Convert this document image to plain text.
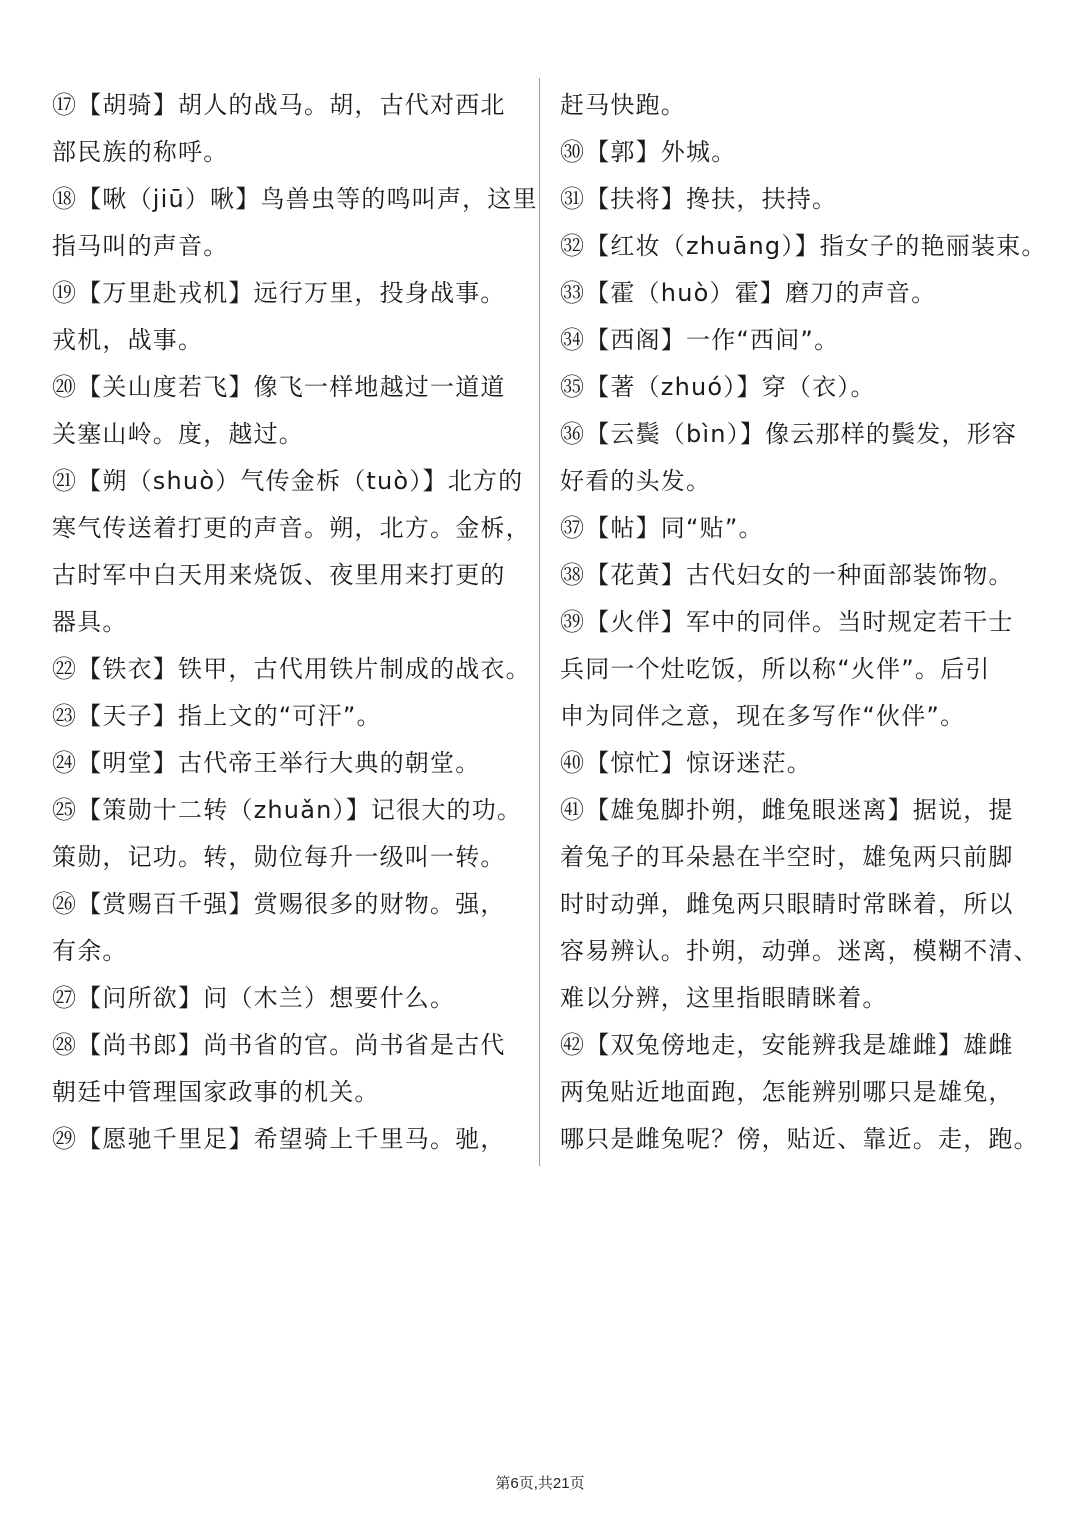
⑰【胡骑】胡人的战马。胡，古代对西北
部民族的称呼。
⑱【啾（jiū）啾】鸟兽虫等的鸣叫声，这里
指马叫的声音。
⑲【万里赴戎机】远行万里，投身战事。
戎机，战事。
⑳【关山度若飞】像飞一样地越过一道道
关塞山岭。度，越过。
㉑【朔（shuò）气传金柝（tuò）】北方的
寒气传送着打更的声音。朔，北方。金柝，
古时军中白天用来烧饭、夜里用来打更的
器具。
㉒【铁衣】铁甲，古代用铁片制成的战衣。
㉓【天子】指上文的“可汗”。
㉔【明堂】古代帝王举行大典的朝堂。
㉕【策勋十二转（zhuǎn）】记很大的功。
策勋，记功。转，勋位每升一级叫一转。
㉖【赏赐百千强】赏赐很多的财物。强，
有余。
㉗【问所欲】问（木兰）想要什么。
㉘【尚书郎】尚书省的官。尚书省是古代
朝廷中管理国家政事的机关。
㉙【愿驰千里足】希望骑上千里马。驰，
赶马快跑。
㉚【郭】外城。
㉛【扶将】搀扶，扶持。
㉜【红妆（zhuāng）】指女子的艳丽装束。
㉝【霍（huò）霍】磨刀的声音。
㉞【西阁】一作“西间”。
㉟【著（zhuó）】穿（衣）。
㊱【云鬓（bìn）】像云那样的鬓发，形容
好看的头发。
㊲【帖】同“贴”。
㊳【花黄】古代妇女的一种面部装饰物。
㊴【火伴】军中的同伴。当时规定若干士
兵同一个灶吃饭，所以称“火伴”。后引
申为同伴之意，现在多写作“伙伴”。
㊵【惊忙】惊讶迷茫。
㊶【雄兔脚扑朔，雌兔眼迷离】据说，提
着兔子的耳朵悬在半空时，雄兔两只前脚
时时动弹，雌兔两只眼睛时常眯着，所以
容易辨认。扑朔，动弹。迷离，模糊不清、
难以分辨，这里指眼睛眯着。
㊷【双兔傍地走，安能辨我是雄雌】雄雌
两兔贴近地面跑，怎能辨别哪只是雄兔，
哪只是雌兔呢？傍，贴近、靠近。走，跑。
第6页,共21页
